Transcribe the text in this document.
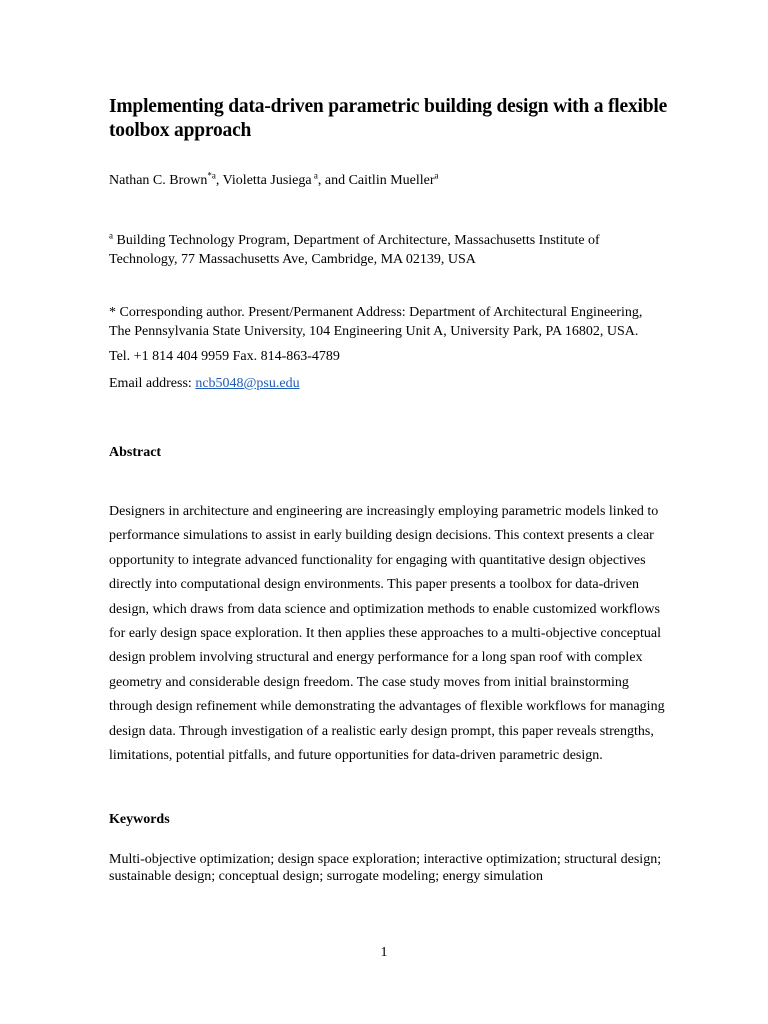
Implementing data-driven parametric building design with a flexible
toolbox approach
Nathan C. Brown$^{*a}$, Violetta Jusiega $^a$, and Caitlin Mueller$^a$
$^a$ Building Technology Program, Department of Architecture, Massachusetts Institute of
Technology, 77 Massachusetts Ave, Cambridge, MA 02139, USA
* Corresponding author. Present/Permanent Address: Department of Architectural Engineering,
The Pennsylvania State University, 104 Engineering Unit A, University Park, PA 16802, USA.
Tel. +1 814 404 9959 Fax. 814-863-4789
Email address: ncb5048@psu.edu
Abstract

Designers in architecture and engineering are increasingly employing parametric models linked to

performance simulations to assist in early building design decisions. This context presents a clear

opportunity to integrate advanced functionality for engaging with quantitative design objectives

directly into computational design environments. This paper presents a toolbox for data-driven

design, which draws from data science and optimization methods to enable customized workflows

for early design space exploration. It then applies these approaches to a multi-objective conceptual

design problem involving structural and energy performance for a long span roof with complex

geometry and considerable design freedom. The case study moves from initial brainstorming

through design refinement while demonstrating the advantages of flexible workflows for managing

design data. Through investigation of a realistic early design prompt, this paper reveals strengths,

limitations, potential pitfalls, and future opportunities for data-driven parametric design.

Keywords

Multi-objective optimization; design space exploration; interactive optimization; structural design;

sustainable design; conceptual design; surrogate modeling; energy simulation

1
